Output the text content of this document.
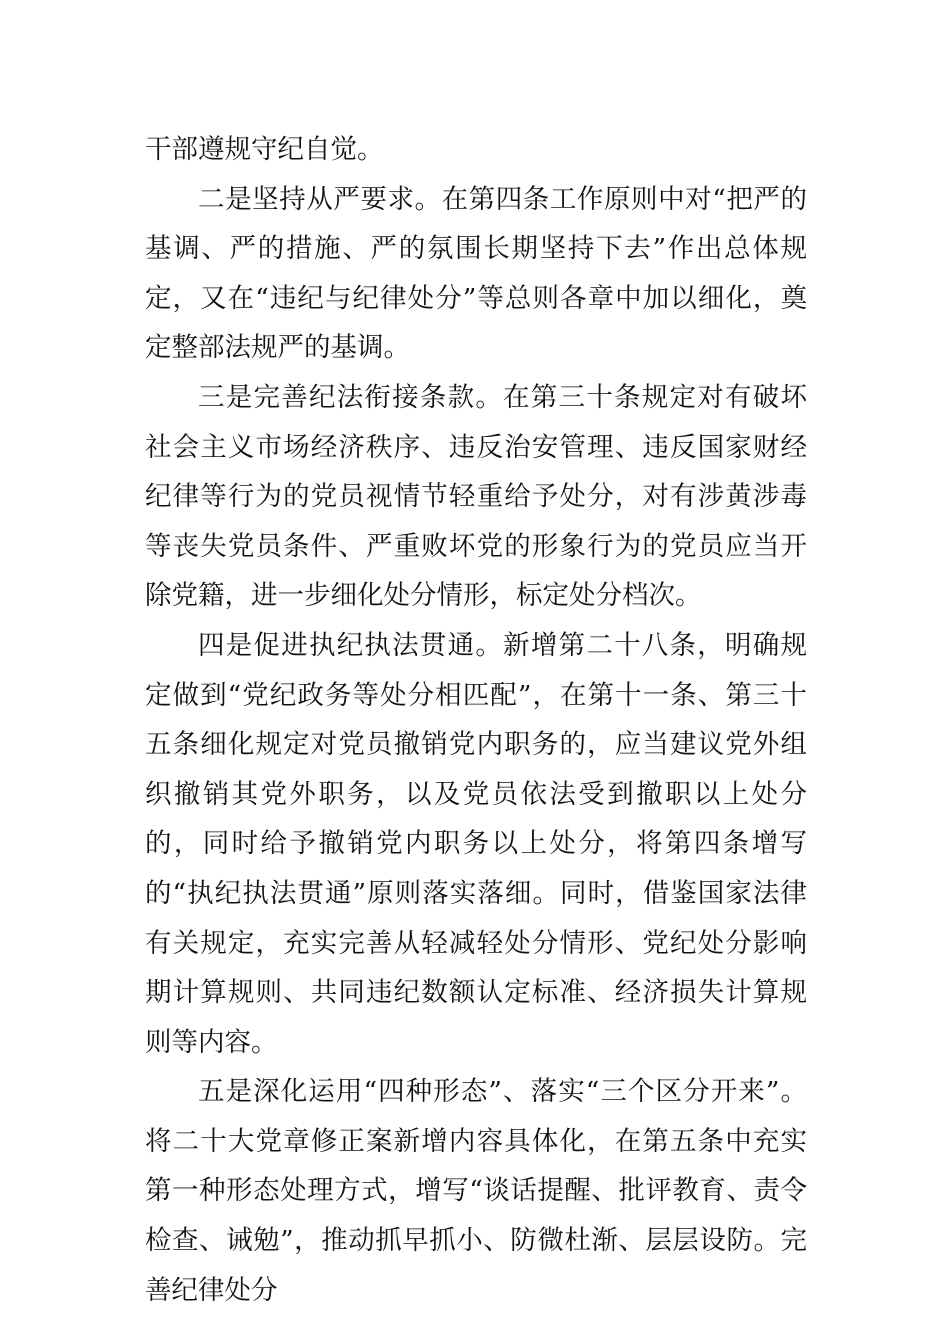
干部遵规守纪自觉。

二是坚持从严要求。在第四条工作原则中对“把严的基调、严的措施、严的氛围长期坚持下去”作出总体规定，又在“违纪与纪律处分”等总则各章中加以细化，奠定整部法规严的基调。

三是完善纪法衔接条款。在第三十条规定对有破坏社会主义市场经济秩序、违反治安管理、违反国家财经纪律等行为的党员视情节轻重给予处分，对有涉黄涉毒等丧失党员条件、严重败坏党的形象行为的党员应当开除党籍，进一步细化处分情形，标定处分档次。

四是促进执纪执法贯通。新增第二十八条，明确规定做到“党纪政务等处分相匹配”，在第十一条、第三十五条细化规定对党员撤销党内职务的，应当建议党外组织撤销其党外职务，以及党员依法受到撤职以上处分的，同时给予撤销党内职务以上处分，将第四条增写的“执纪执法贯通”原则落实落细。同时，借鉴国家法律有关规定，充实完善从轻减轻处分情形、党纪处分影响期计算规则、共同违纪数额认定标准、经济损失计算规则等内容。

五是深化运用“四种形态”、落实“三个区分开来”。将二十大党章修正案新增内容具体化，在第五条中充实第一种形态处理方式，增写“谈话提醒、批评教育、责令检查、诫勉”，推动抓早抓小、防微杜渐、层层设防。完善纪律处分
